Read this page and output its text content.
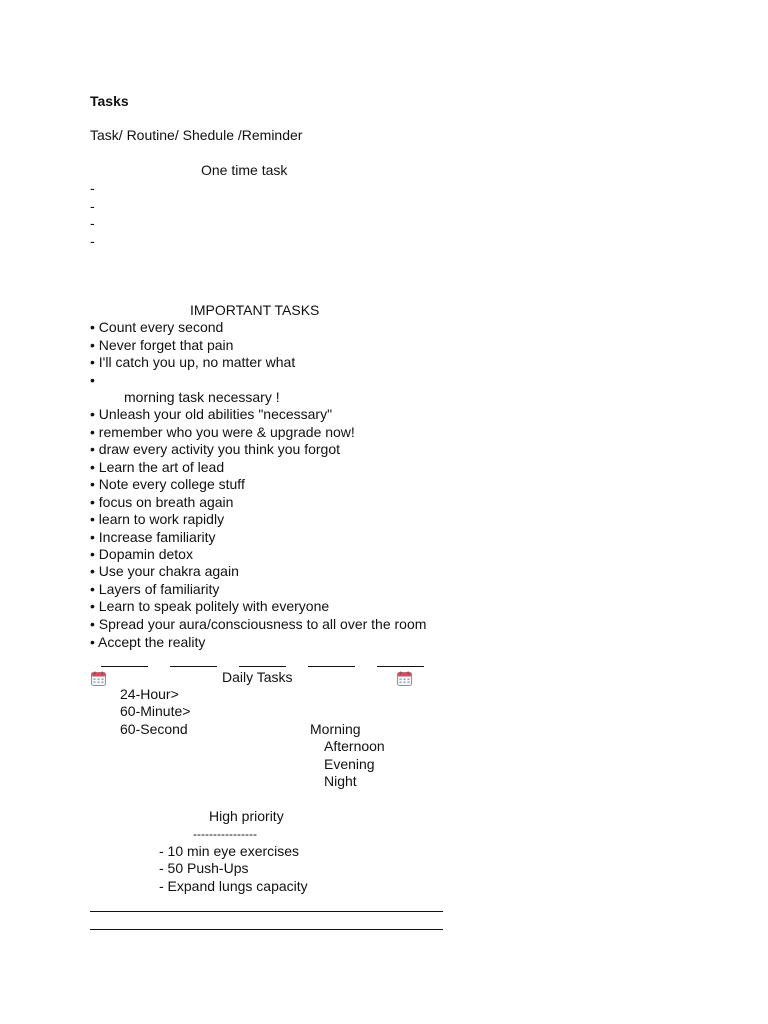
Tasks
Task/ Routine/ Shedule /Reminder
One time task
-
-
-
-
IMPORTANT TASKS
• Count every second
• Never forget that pain
• I'll catch you up, no matter what
•
morning task necessary !
• Unleash your old abilities "necessary"
• remember who you were & upgrade now!
• draw every activity you think you forgot
• Learn the art of lead
• Note every college stuff
• focus on breath again
• learn to work rapidly
• Increase familiarity
• Dopamin detox
• Use your chakra again
• Layers of familiarity
• Learn to speak politely with everyone
• Spread your aura/consciousness to all over the room
• Accept the reality
Daily Tasks
24-Hour>
60-Minute>
60-Second	Morning
Afternoon
Evening
Night
High priority
----------------
- 10 min eye exercises
- 50 Push-Ups
- Expand lungs capacity
